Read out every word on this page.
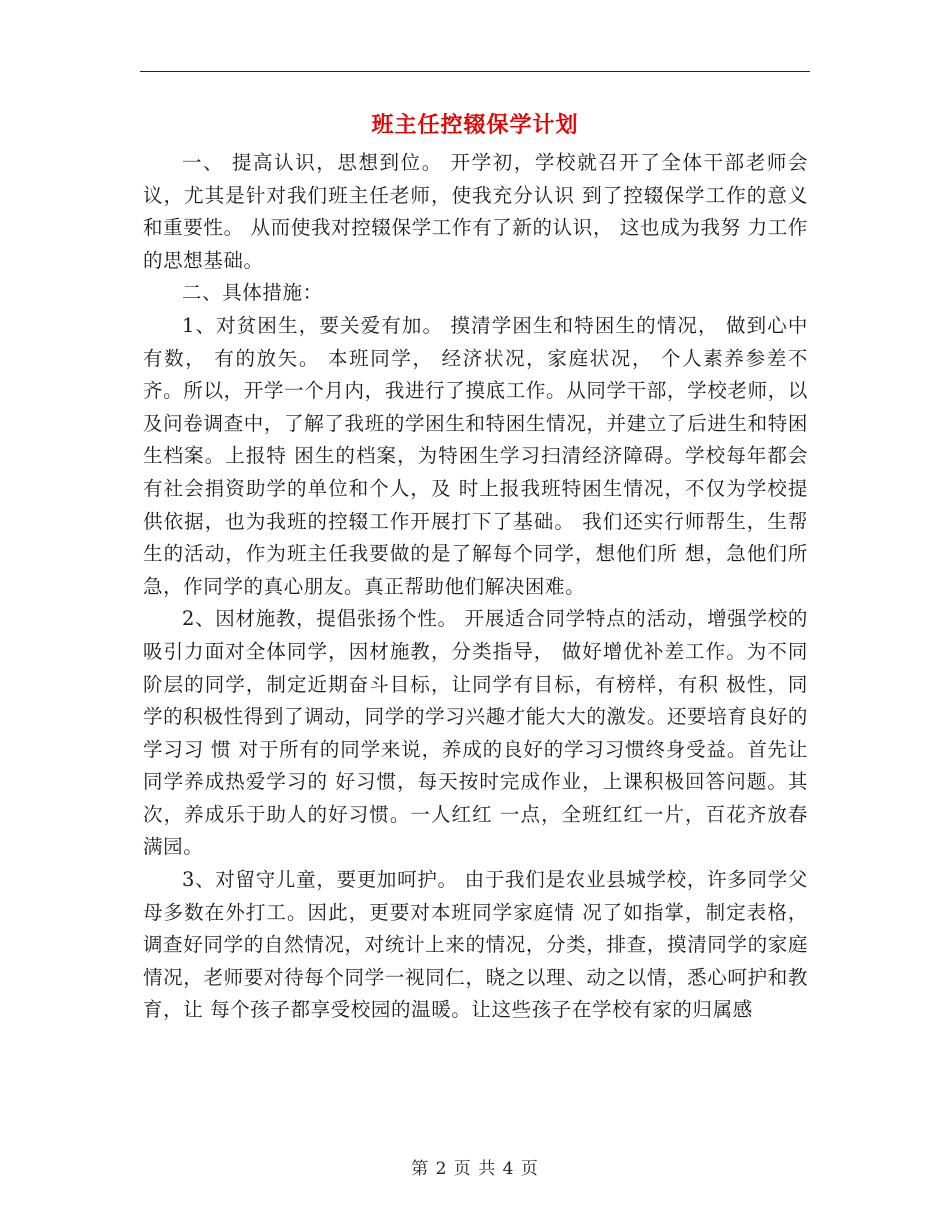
班主任控辍保学计划

一、 提高认识，思想到位。 开学初，学校就召开了全体干部老师会议，尤其是针对我们班主任老师，使我充分认识 到了控辍保学工作的意义和重要性。 从而使我对控辍保学工作有了新的认识， 这也成为我努 力工作的思想基础。

二、具体措施：

1、对贫困生，要关爱有加。 摸清学困生和特困生的情况， 做到心中有数， 有的放矢。 本班同学， 经济状况，家庭状况， 个人素养参差不齐。所以，开学一个月内，我进行了摸底工作。从同学干部，学校老师，以 及问卷调查中，了解了我班的学困生和特困生情况，并建立了后进生和特困生档案。上报特 困生的档案，为特困生学习扫清经济障碍。学校每年都会有社会捐资助学的单位和个人，及 时上报我班特困生情况，不仅为学校提供依据，也为我班的控辍工作开展打下了基础。 我们还实行师帮生，生帮生的活动，作为班主任我要做的是了解每个同学，想他们所 想，急他们所急，作同学的真心朋友。真正帮助他们解决困难。

2、因材施教，提倡张扬个性。 开展适合同学特点的活动，增强学校的吸引力面对全体同学，因材施教，分类指导， 做好增优补差工作。为不同阶层的同学，制定近期奋斗目标，让同学有目标，有榜样，有积 极性，同学的积极性得到了调动，同学的学习兴趣才能大大的激发。还要培育良好的学习习 惯 对于所有的同学来说，养成的良好的学习习惯终身受益。首先让同学养成热爱学习的 好习惯，每天按时完成作业，上课积极回答问题。其次，养成乐于助人的好习惯。一人红红 一点，全班红红一片，百花齐放春满园。

3、对留守儿童，要更加呵护。 由于我们是农业县城学校，许多同学父母多数在外打工。因此，更要对本班同学家庭情 况了如指掌，制定表格，调查好同学的自然情况，对统计上来的情况，分类，排查，摸清同学的家庭情况，老师要对待每个同学一视同仁，晓之以理、动之以情，悉心呵护和教育，让 每个孩子都享受校园的温暖。让这些孩子在学校有家的归属感

第 2 页 共 4 页
